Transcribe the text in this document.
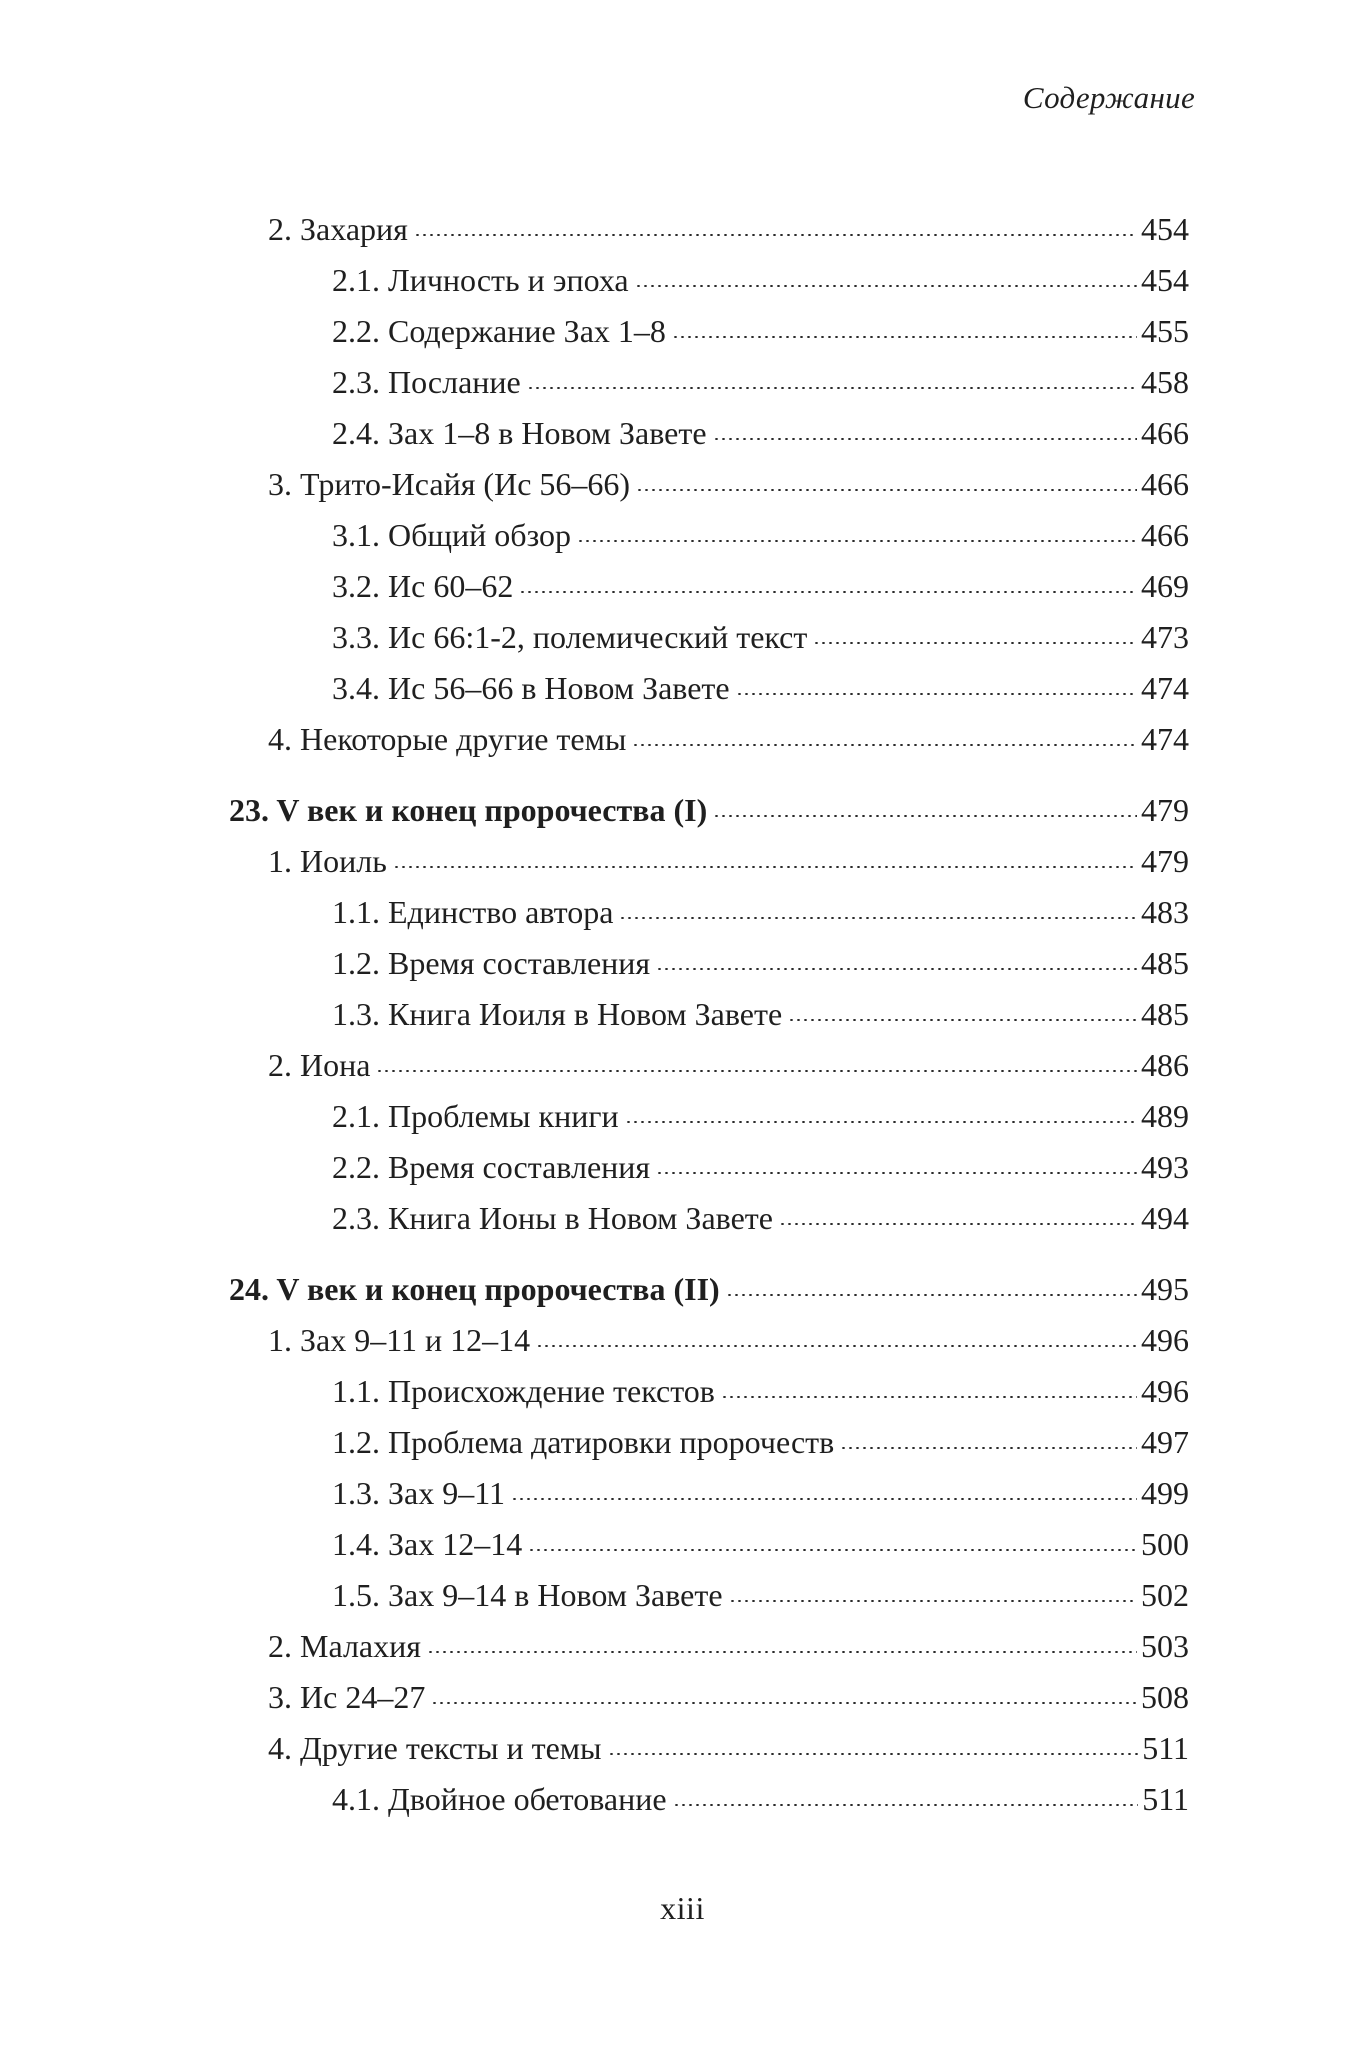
Содержание
2. Захария	454
2.1. Личность и эпоха	454
2.2. Содержание Зах 1–8	455
2.3. Послание	458
2.4. Зах 1–8 в Новом Завете	466
3. Трито-Исайя (Ис 56–66)	466
3.1. Общий обзор	466
3.2. Ис 60–62	469
3.3. Ис 66:1-2, полемический текст	473
3.4. Ис 56–66 в Новом Завете	474
4. Некоторые другие темы	474
23. V век и конец пророчества (I)	479
1. Иоиль	479
1.1. Единство автора	483
1.2. Время составления	485
1.3. Книга Иоиля в Новом Завете	485
2. Иона	486
2.1. Проблемы книги	489
2.2. Время составления	493
2.3. Книга Ионы в Новом Завете	494
24. V век и конец пророчества (II)	495
1. Зах 9–11 и 12–14	496
1.1. Происхождение текстов	496
1.2. Проблема датировки пророчеств	497
1.3. Зах 9–11	499
1.4. Зах 12–14	500
1.5. Зах 9–14 в Новом Завете	502
2. Малахия	503
3. Ис 24–27	508
4. Другие тексты и темы	511
4.1. Двойное обетование	511
xiii
